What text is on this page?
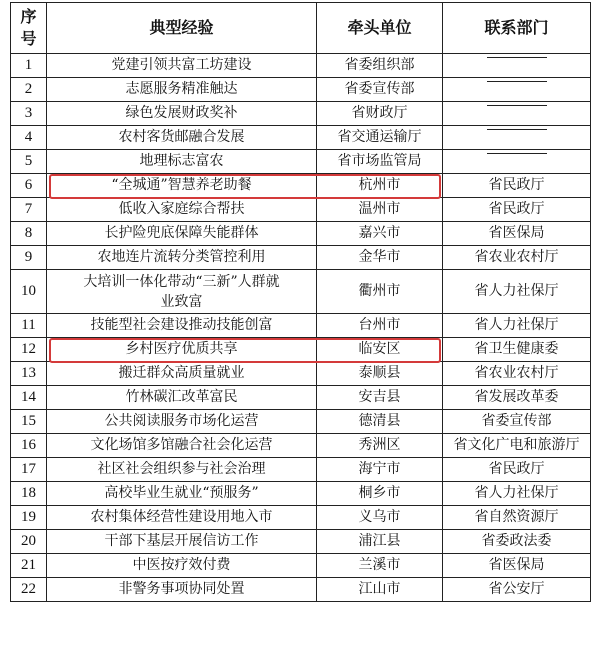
序号	典型经验	牵头单位	联系部门
1	党建引领共富工坊建设	省委组织部	
2	志愿服务精准触达	省委宣传部	
3	绿色发展财政奖补	省财政厅	
4	农村客货邮融合发展	省交通运输厅	
5	地理标志富农	省市场监管局	
6	“全城通”智慧养老助餐	杭州市	省民政厅
7	低收入家庭综合帮扶	温州市	省民政厅
8	长护险兜底保障失能群体	嘉兴市	省医保局
9	农地连片流转分类管控利用	金华市	省农业农村厅
10	大培训一体化带动“三新”人群就业致富	衢州市	省人力社保厅
11	技能型社会建设推动技能创富	台州市	省人力社保厅
12	乡村医疗优质共享	临安区	省卫生健康委
13	搬迁群众高质量就业	泰顺县	省农业农村厅
14	竹林碳汇改革富民	安吉县	省发展改革委
15	公共阅读服务市场化运营	德清县	省委宣传部
16	文化场馆多馆融合社会化运营	秀洲区	省文化广电和旅游厅
17	社区社会组织参与社会治理	海宁市	省民政厅
18	高校毕业生就业“预服务”	桐乡市	省人力社保厅
19	农村集体经营性建设用地入市	义乌市	省自然资源厅
20	干部下基层开展信访工作	浦江县	省委政法委
21	中医按疗效付费	兰溪市	省医保局
22	非警务事项协同处置	江山市	省公安厅
